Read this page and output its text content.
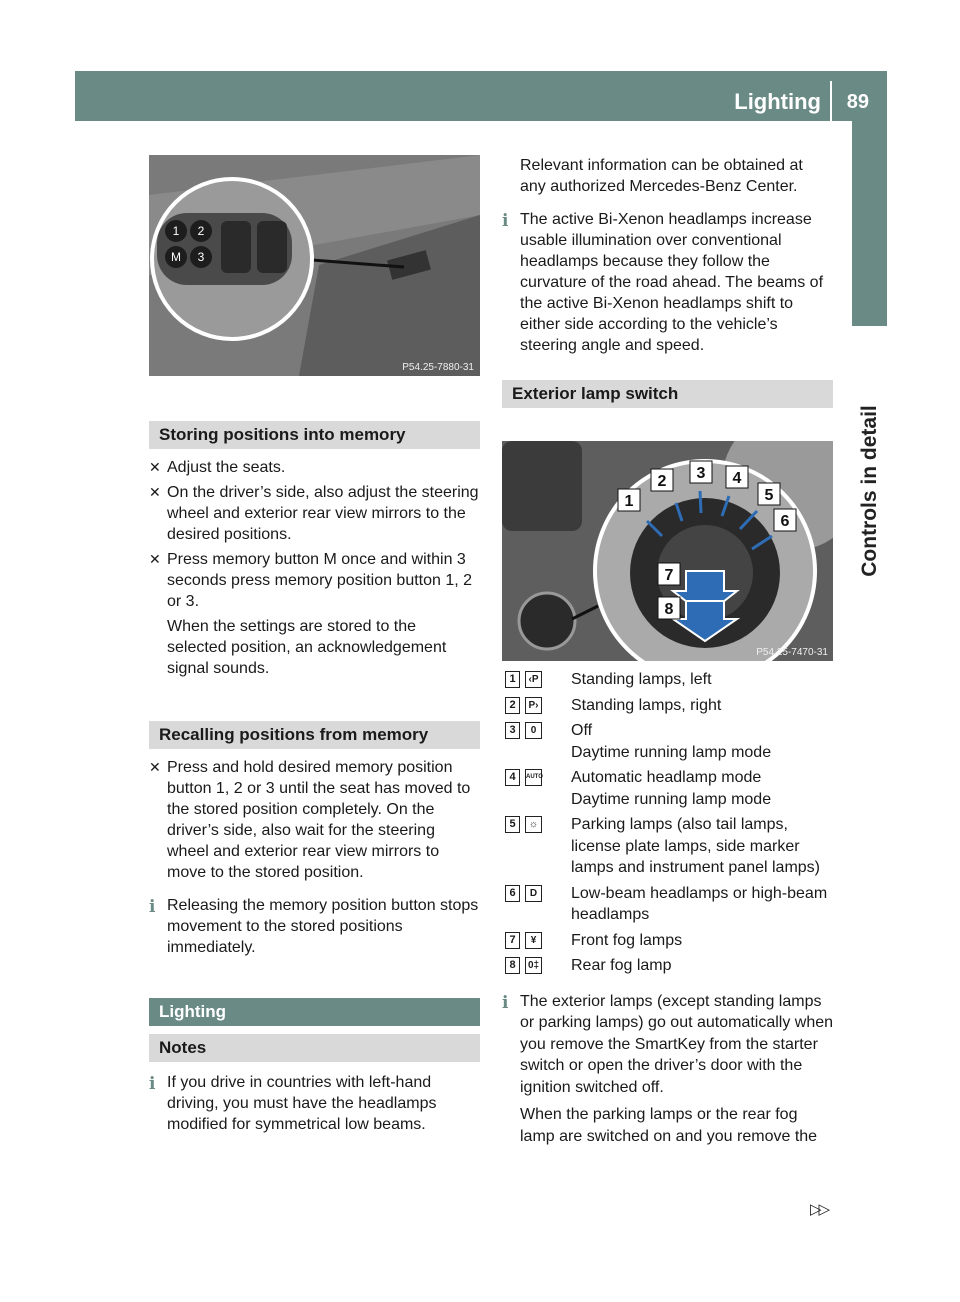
Lighting 89
Controls in detail
1 2
M 3
P54.25-7880-31
Storing positions into memory
✕ Adjust the seats.

✕ On the driver’s side, also adjust the steering wheel and exterior rear view mirrors to the desired positions.

✕ Press memory button M once and within 3 seconds press memory position button 1, 2 or 3.

When the settings are stored to the selected position, an acknowledgement signal sounds.

Recalling positions from memory
✕ Press and hold desired memory position button 1, 2 or 3 until the seat has moved to the stored position completely. On the driver’s side, also wait for the steering wheel and exterior rear view mirrors to move to the stored position.

i Releasing the memory position button stops movement to the stored positions immediately.

Lighting
Notes
i If you drive in countries with left-hand driving, you must have the headlamps modified for symmetrical low beams.

Relevant information can be obtained at any authorized Mercedes-Benz Center.

i The active Bi-Xenon headlamps increase usable illumination over conventional headlamps because they follow the curvature of the road ahead. The beams of the active Bi-Xenon headlamps shift to either side according to the vehicle’s steering angle and speed.

Exterior lamp switch
1
2 3 4
5
6
7
8
P54.25-7470-31
1	‹P Standing lamps, left

2	P› Standing lamps, right

3	0	Off

Daytime running lamp mode

4	AUTO Automatic headlamp mode

Daytime running lamp mode

5	☼ Parking lamps (also tail lamps,

license plate lamps, side marker

lamps and instrument panel lamps)

6	D	Low-beam headlamps or high-beam

headlamps

7	¥	Front fog lamps

8	0‡ Rear fog lamp

i The exterior lamps (except standing lamps or parking lamps) go out automatically when you remove the SmartKey from the starter switch or open the driver’s door with the ignition switched off.

When the parking lamps or the rear fog lamp are switched on and you remove the

▷▷
